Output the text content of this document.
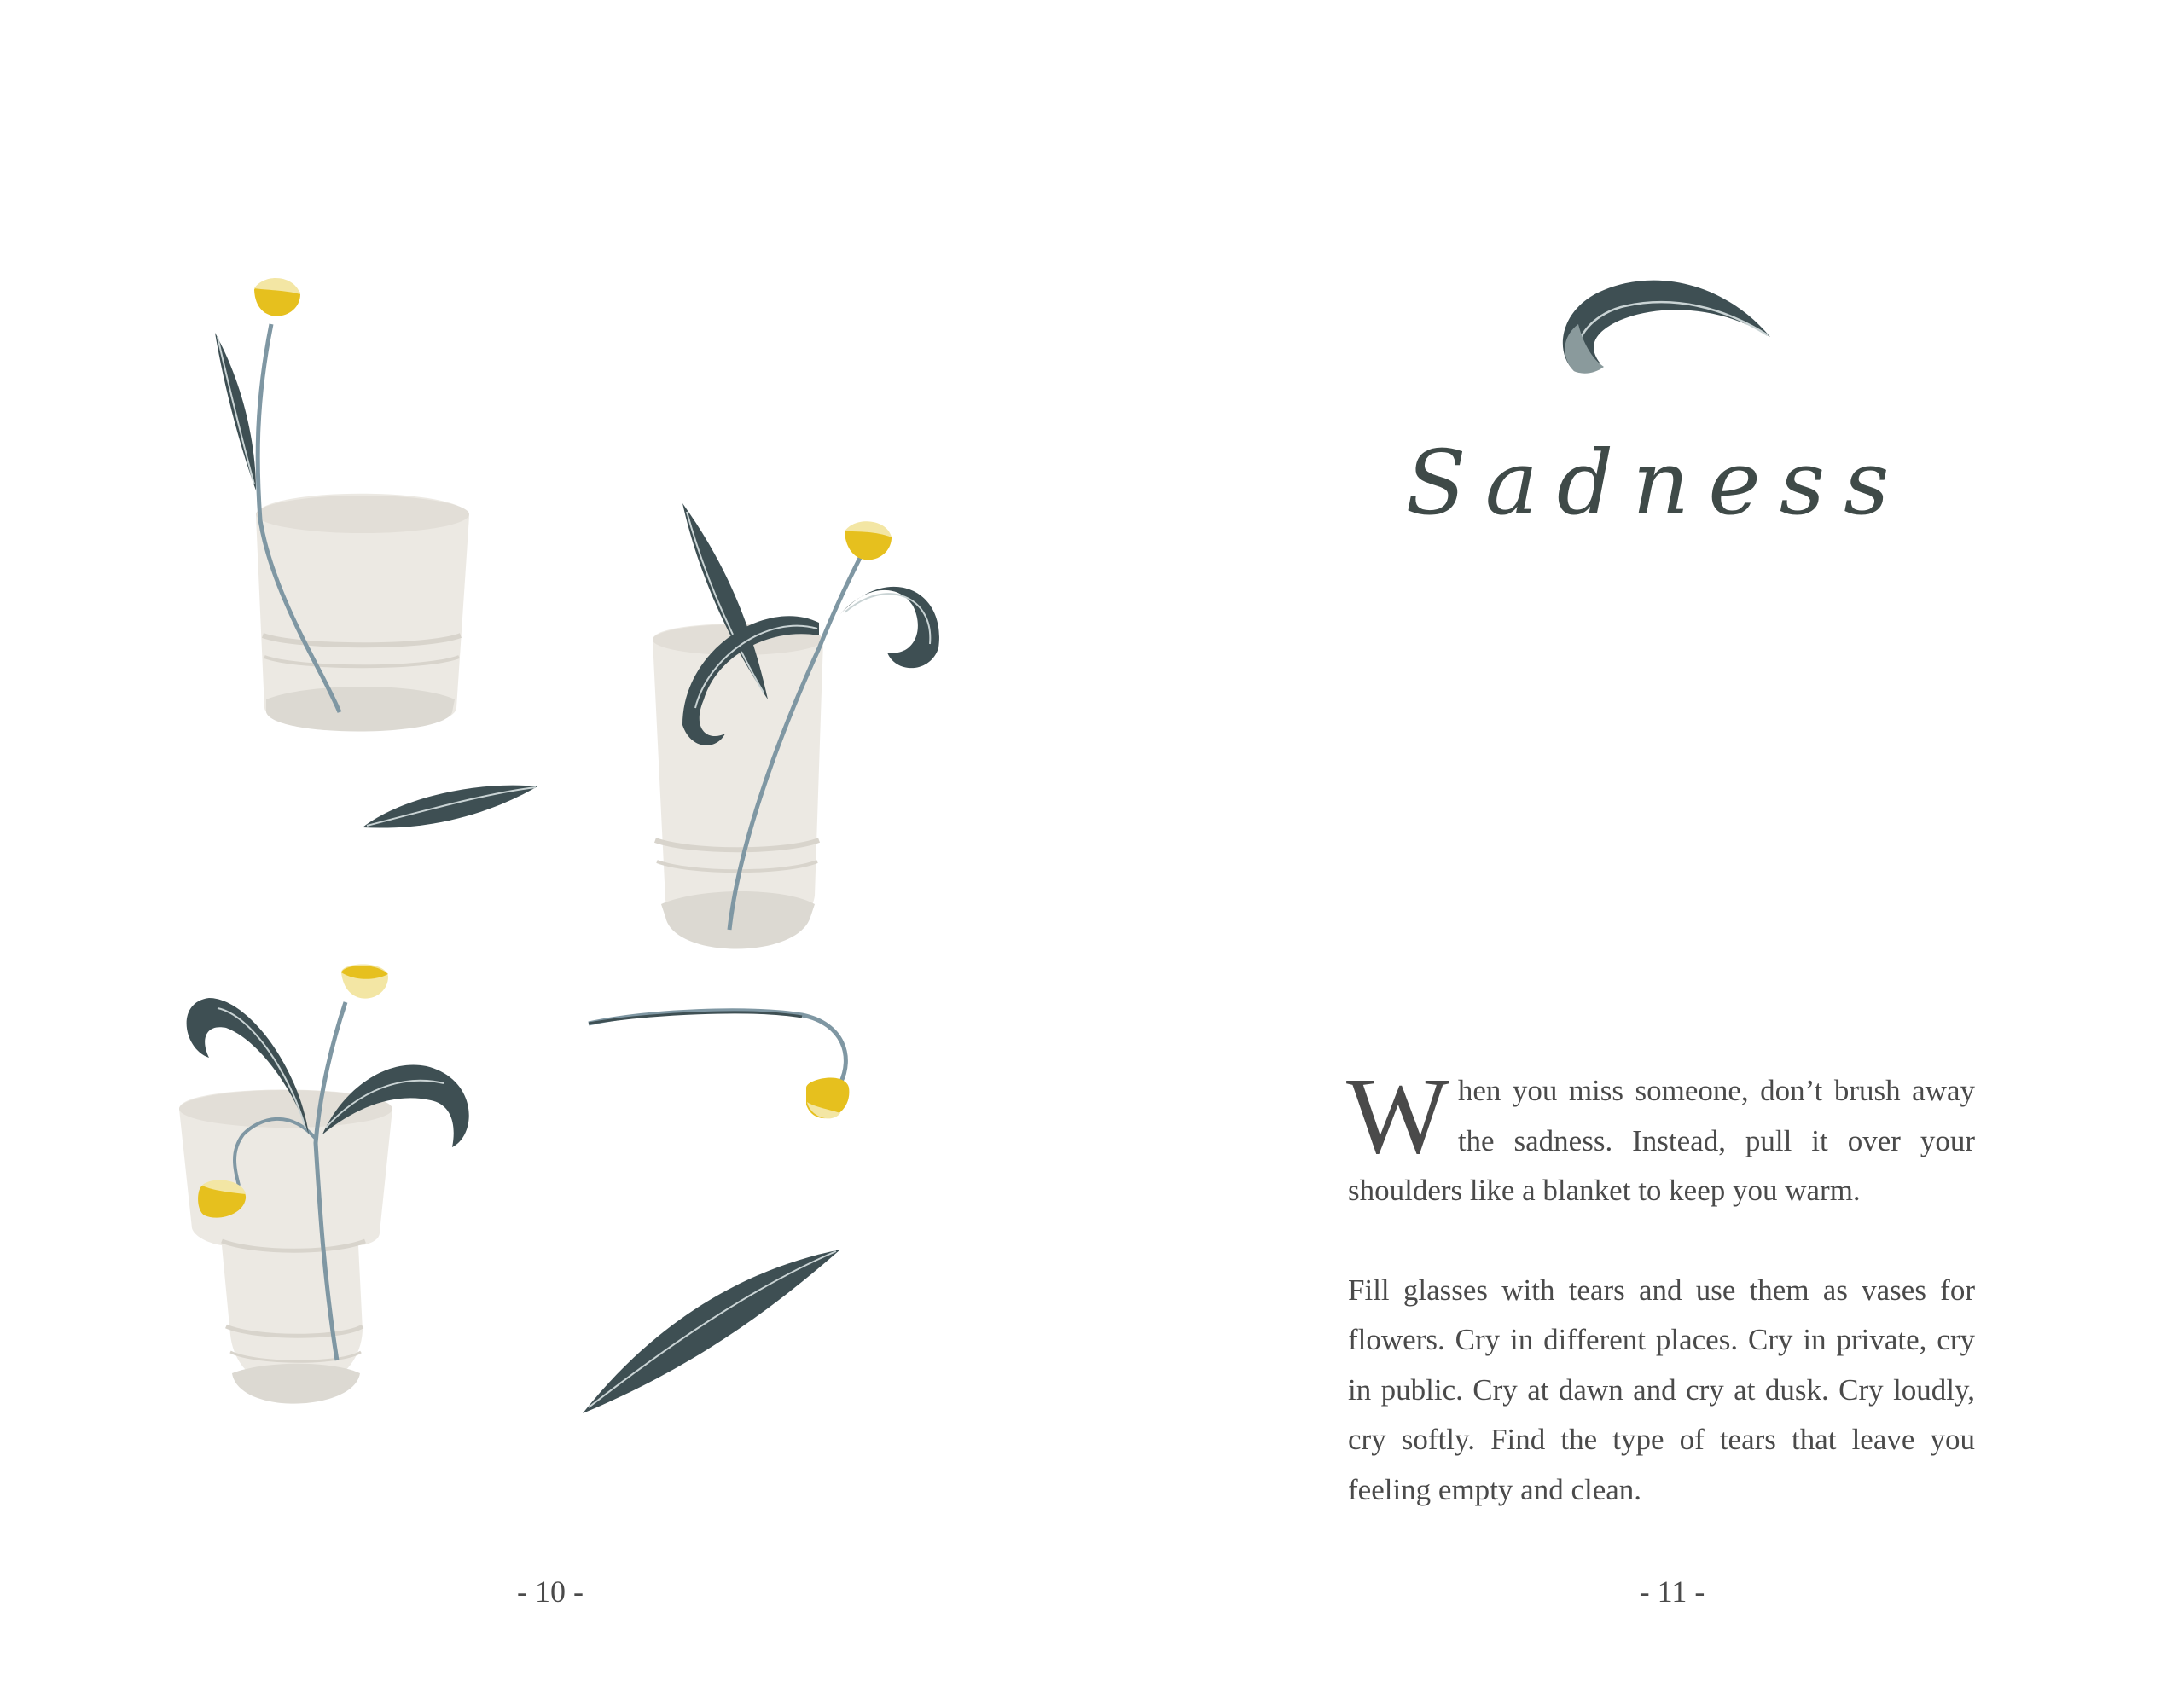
- 10 -
Sadness

When you miss someone, don’t brush away the sadness. Instead, pull it over your shoulders like a blanket to keep you warm.

Fill glasses with tears and use them as vases for flowers. Cry in different places. Cry in private, cry in public. Cry at dawn and cry at dusk. Cry loudly, cry softly. Find the type of tears that leave you feeling empty and clean.

- 11 -
